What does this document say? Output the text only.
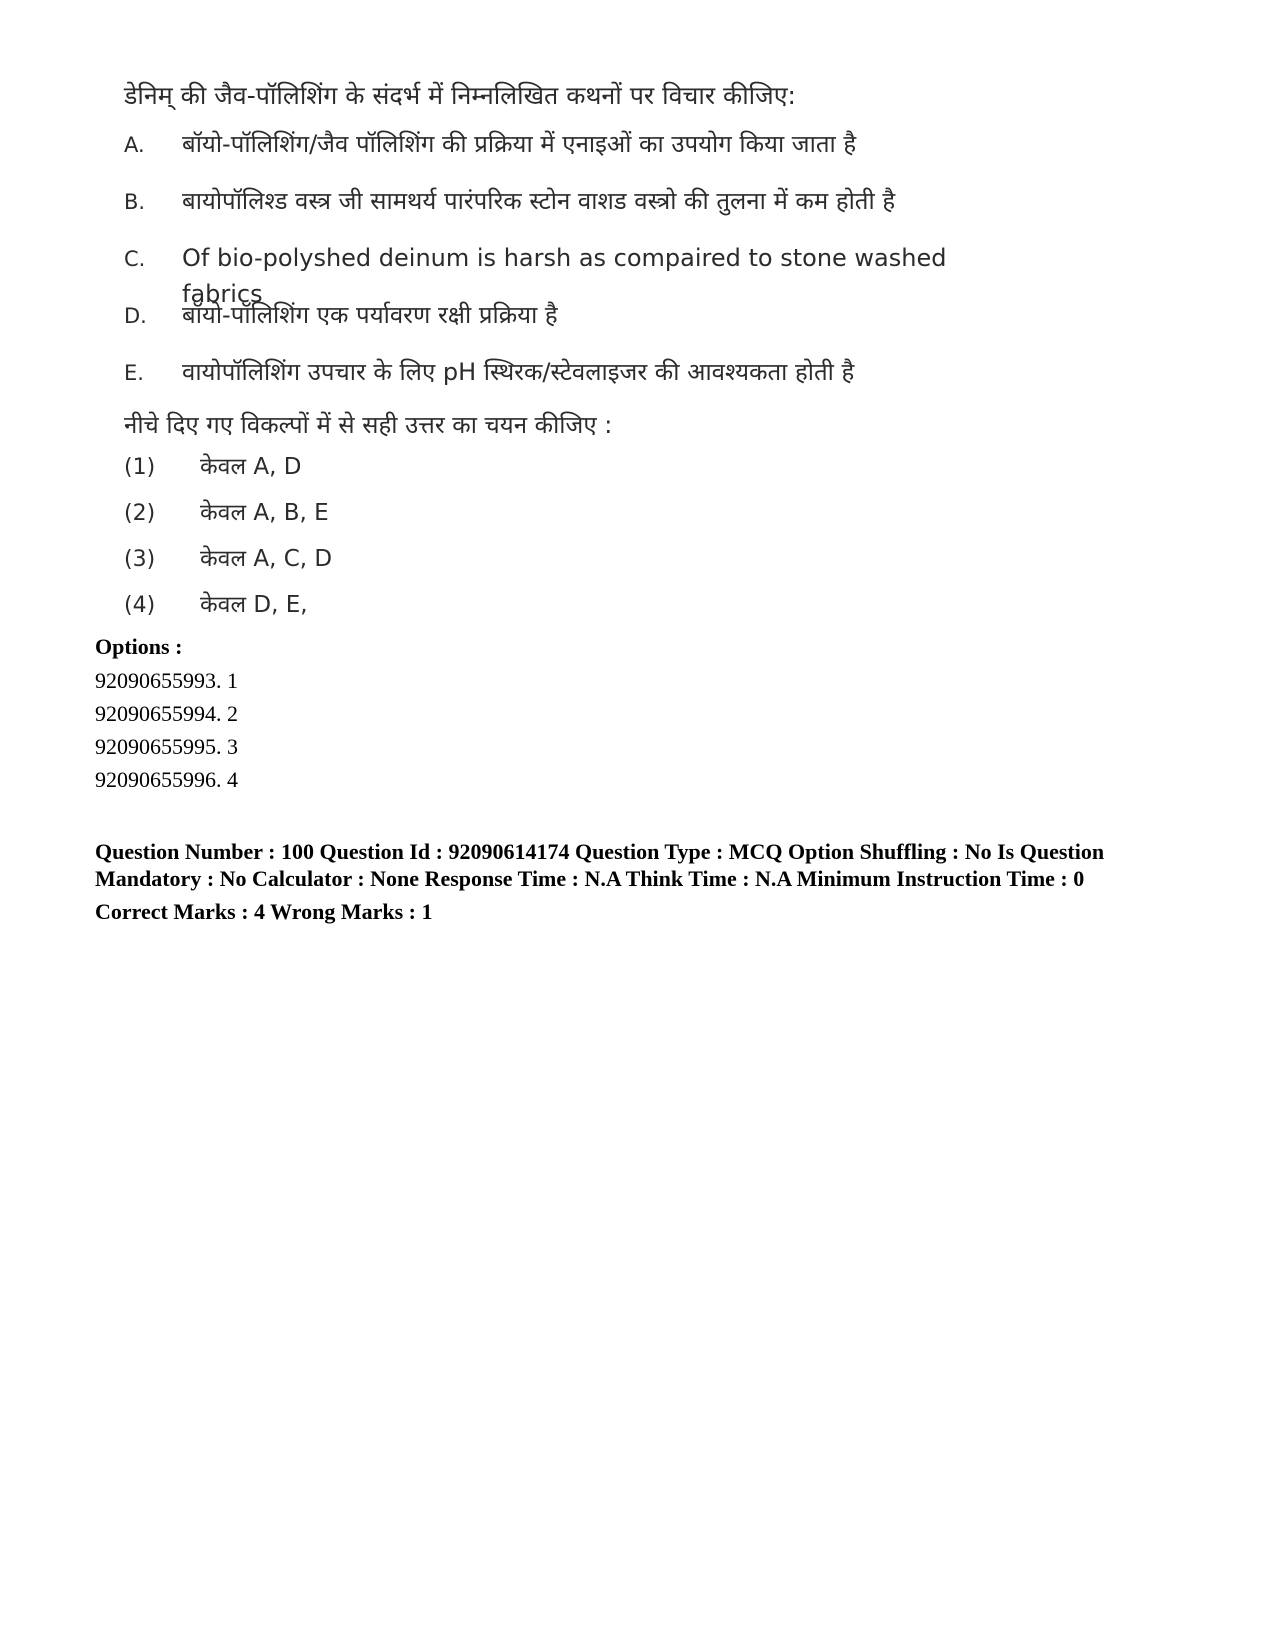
डेनिम् की जैव-पॉलिशिंग के संदर्भ में निम्नलिखित कथनों पर विचार कीजिए:
A.	बॉयो-पॉलिशिंग/जैव पॉलिशिंग की प्रक्रिया में एनाइओं का उपयोग किया जाता है
B.	बायोपॉलिश्ड वस्त्र जी सामथर्य पारंपरिक स्टोन वाशड वस्त्रो की तुलना में कम होती है
C.	Of bio-polyshed deinum is harsh as compaired to stone washed fabrics
D.	बॉयो-पॉलिशिंग एक पर्यावरण रक्षी प्रक्रिया है
E.	वायोपॉलिशिंग उपचार के लिए pH स्थिरक/स्टेवलाइजर की आवश्यकता होती है
नीचे दिए गए विकल्पों में से सही उत्तर का चयन कीजिए :
(1)	केवल A, D
(2)	केवल A, B, E
(3)	केवल A, C, D
(4)	केवल D, E,
Options :
92090655993. 1
92090655994. 2
92090655995. 3
92090655996. 4
Question Number : 100 Question Id : 92090614174 Question Type : MCQ Option Shuffling : No Is Question Mandatory : No Calculator : None Response Time : N.A Think Time : N.A Minimum Instruction Time : 0
Correct Marks : 4 Wrong Marks : 1
